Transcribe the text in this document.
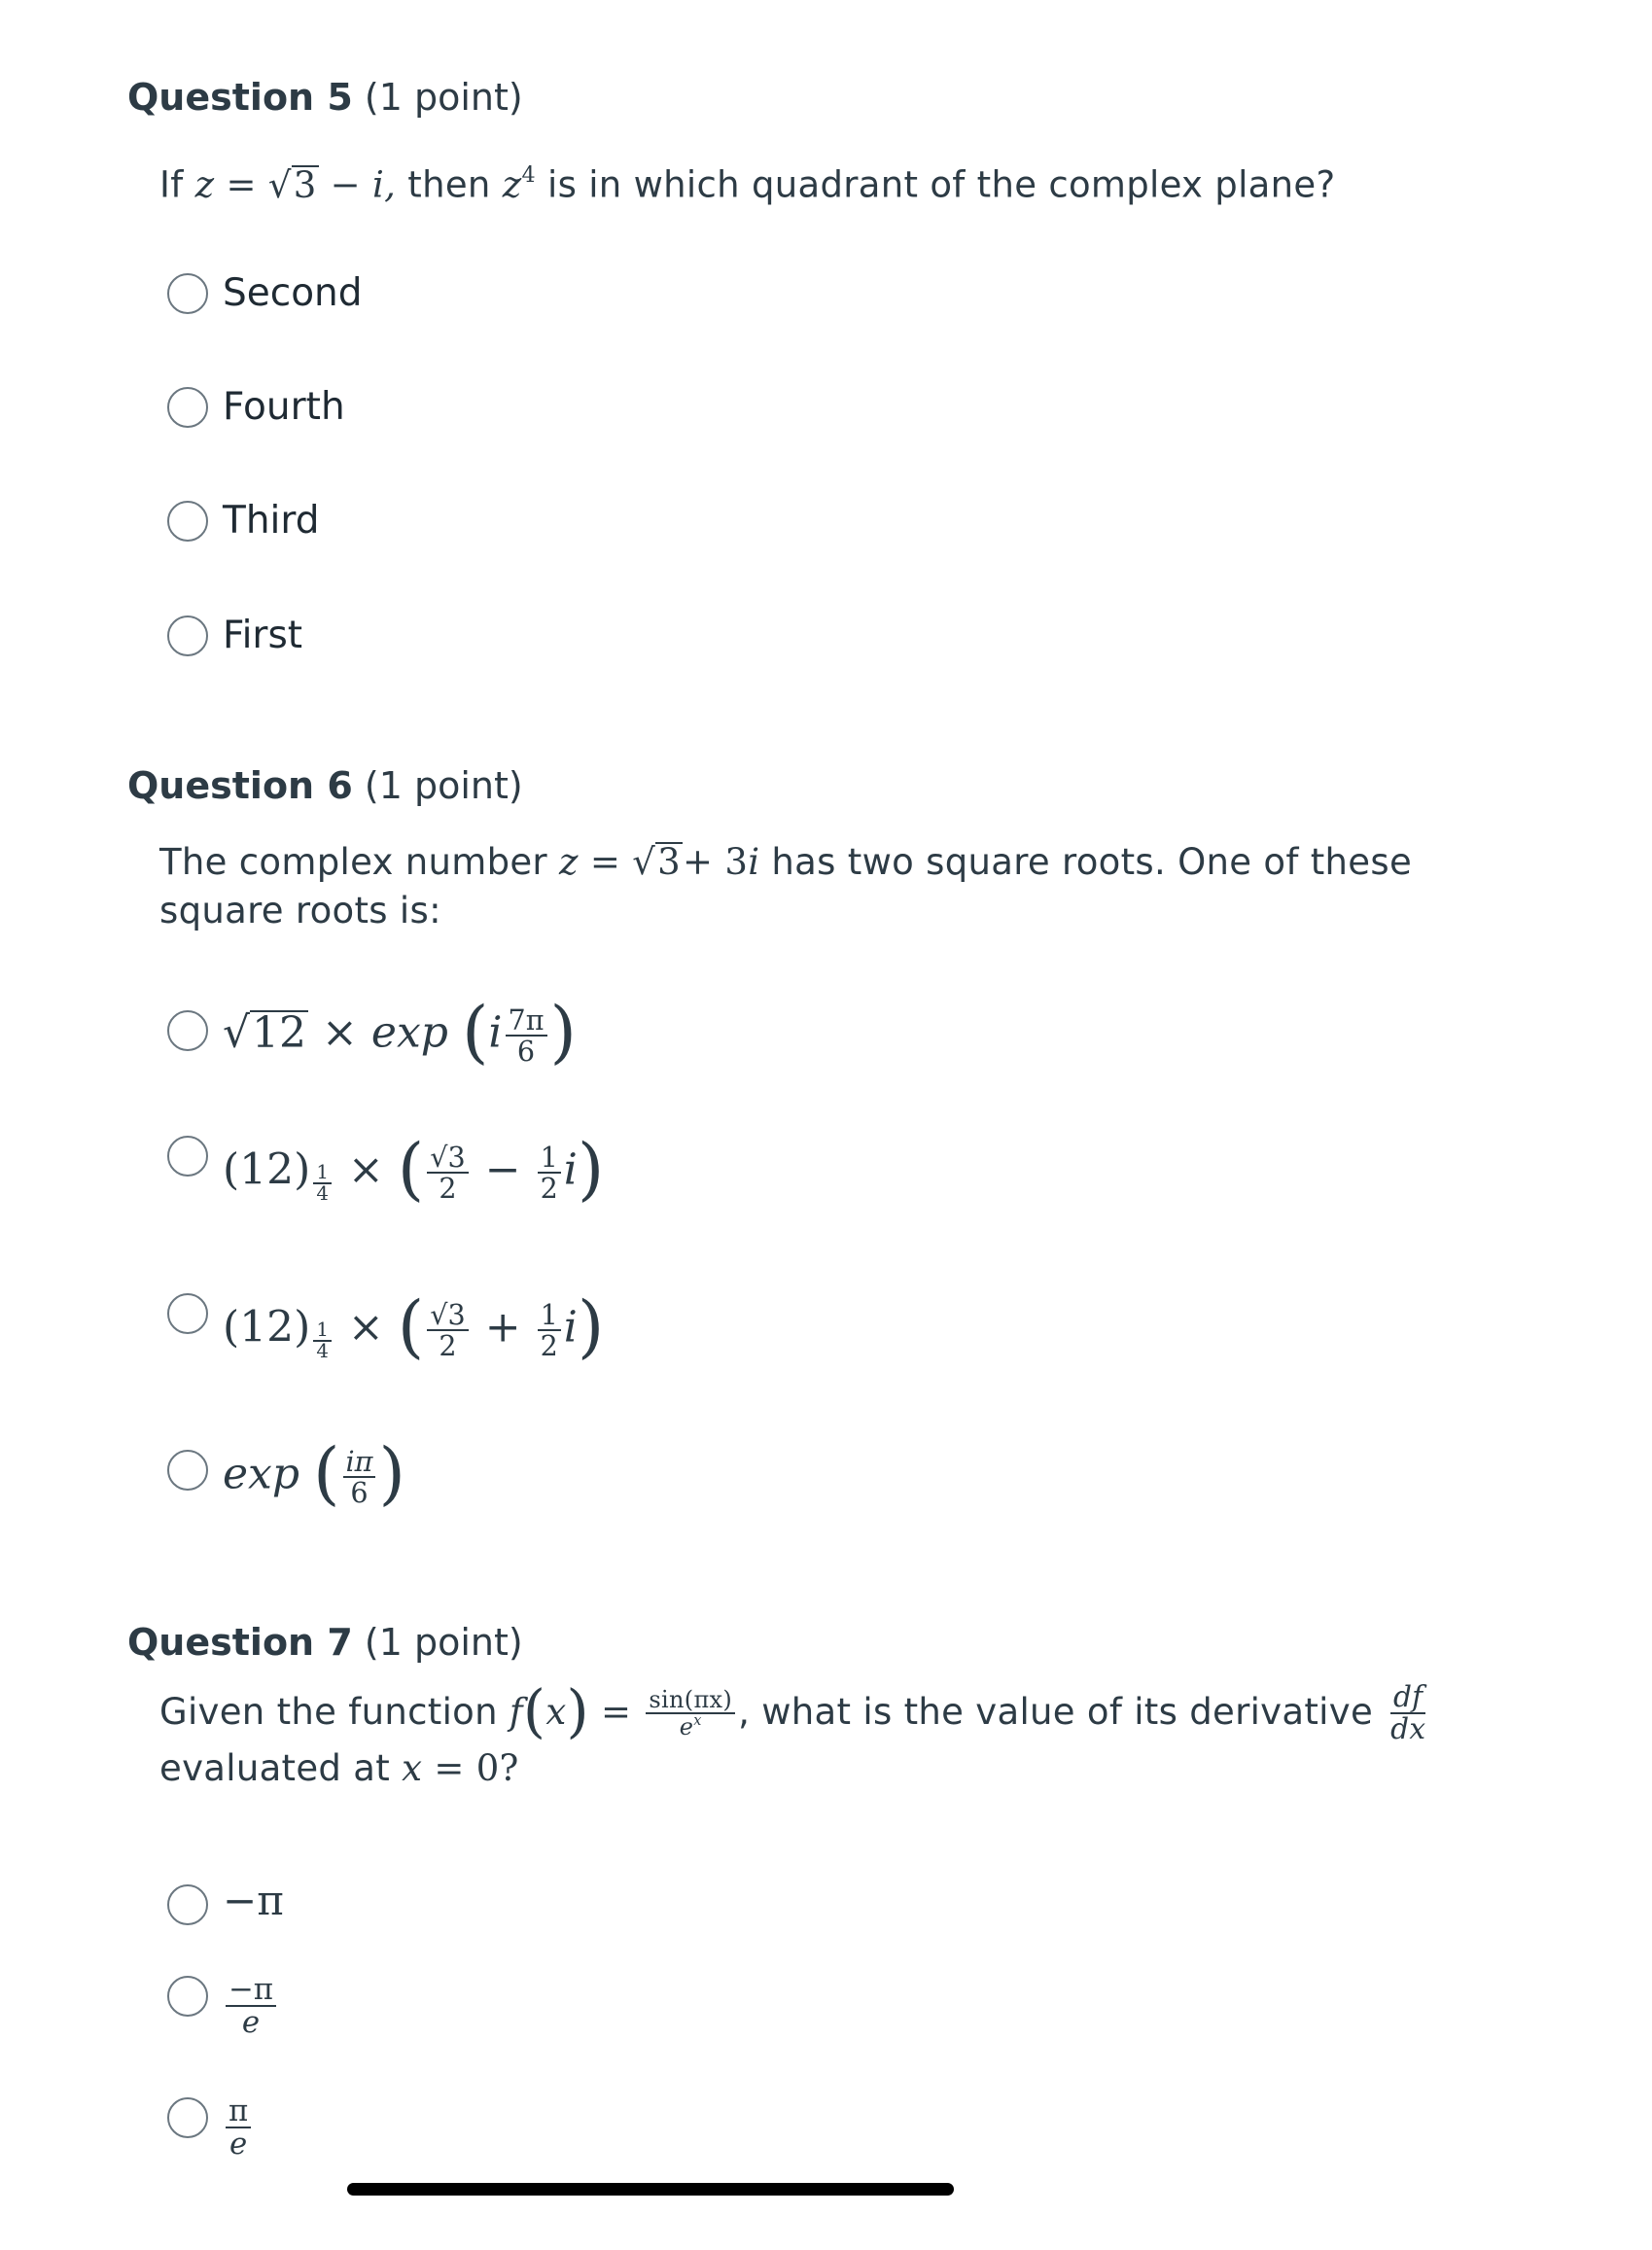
Question 5 (1 point)
If z = √3 − i, then $z^4$ is in which quadrant of the complex plane?
Second
Fourth
Third
First
Question 6 (1 point)
The complex number z = √3+ 3i has two square roots. One of these
square roots is:
$√12 \times \exp (i \frac{7\pi}{6}$ )
$(12) \frac{1}{4}$ × ( $\frac{√3}{2} - \frac{1}{2} i$)
$(12) \frac{1}{4}$ × ( $\frac{√3}{2} + \frac{1}{2} i$)
exp ( $\frac{i\pi}{6}$ )
Question 7 (1 point)
Given the function $f(x) = \frac{\sin(\pi x)}{e^x}$ , what is the value of its derivative $\frac{df}{dx}$

evaluated at x = 0?
−π
$\frac{-\pi}{e}$
$\frac{\pi}{e}$
